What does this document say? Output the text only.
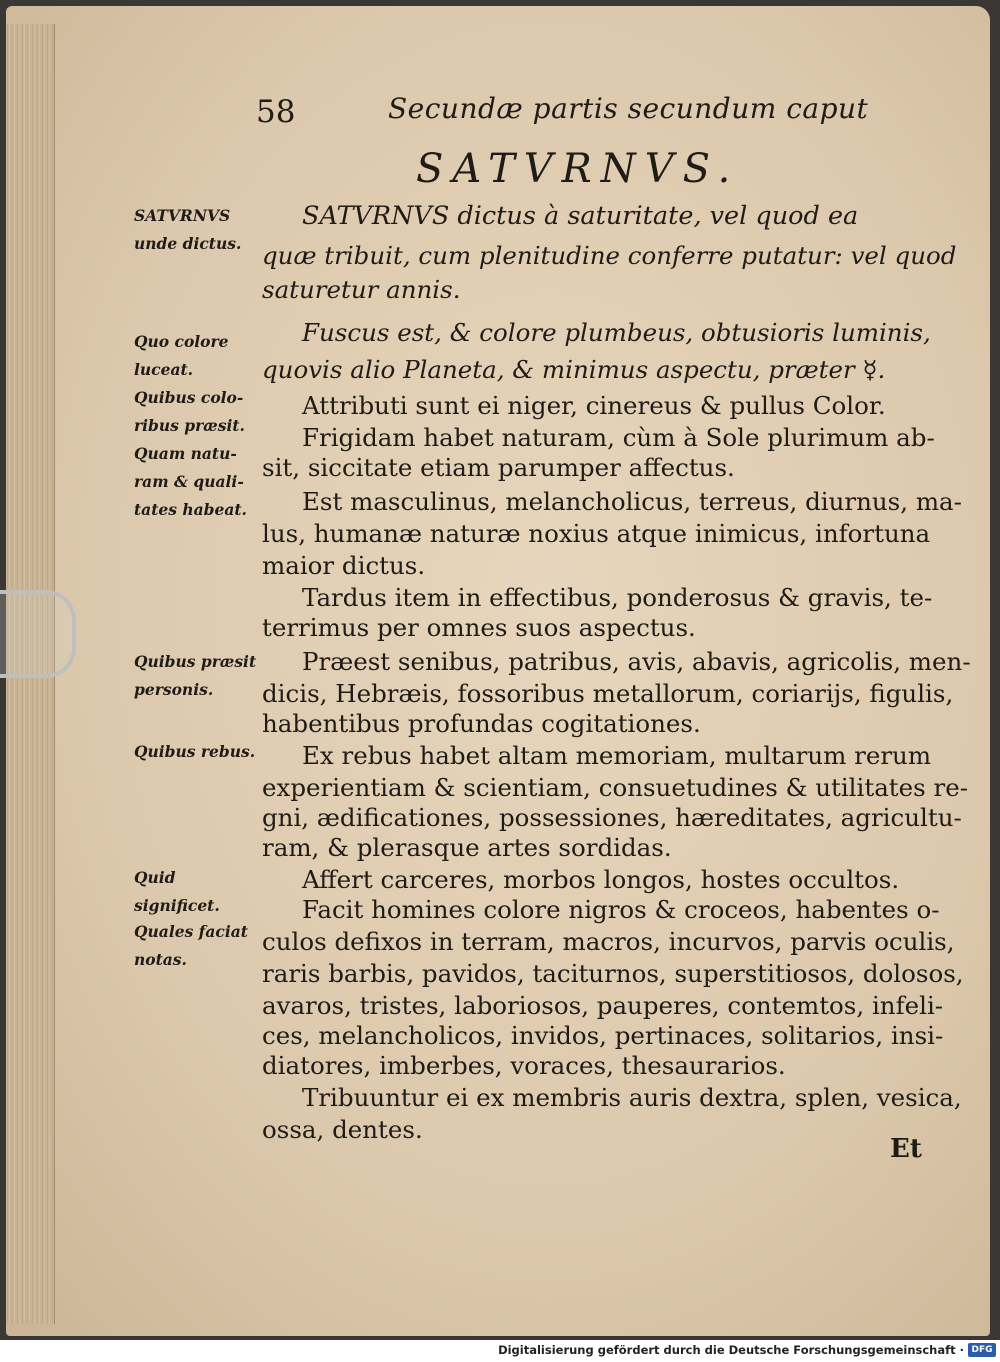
58	Secundæ partis secundum caput
SATVRNVS.
SATVRNVS
unde dictus.
Quo colore
luceat.
Quibus colo-
ribus præsit.
Quam natu-
ram & quali-
tates habeat.
Quibus præsit
personis.
Quibus rebus.
Quid significet.
Quales faciat
notas.
SATVRNVS dictus à saturitate, vel quod ea
quæ tribuit, cum plenitudine conferre putatur: vel quod
saturetur annis.
Fuscus est, & colore plumbeus, obtusioris luminis,
quovis alio Planeta, & minimus aspectu, præter ☿.
Attributi sunt ei niger, cinereus & pullus Color.
Frigidam habet naturam, cùm à Sole plurimum ab-
sit, siccitate etiam parumper affectus.
Est masculinus, melancholicus, terreus, diurnus, ma-
lus, humanæ naturæ noxius atque inimicus, infortuna
maior dictus.
Tardus item in effectibus, ponderosus & gravis, te-
terrimus per omnes suos aspectus.
Præest senibus, patribus, avis, abavis, agricolis, men-
dicis, Hebræis, fossoribus metallorum, coriarijs, figulis,
habentibus profundas cogitationes.
Ex rebus habet altam memoriam, multarum rerum
experientiam & scientiam, consuetudines & utilitates re-
gni, ædificationes, possessiones, hæreditates, agricultu-
ram, & plerasque artes sordidas.
Affert carceres, morbos longos, hostes occultos.
Facit homines colore nigros & croceos, habentes o-
culos defixos in terram, macros, incurvos, parvis oculis,
raris barbis, pavidos, taciturnos, superstitiosos, dolosos,
avaros, tristes, laboriosos, pauperes, contemtos, infeli-
ces, melancholicos, invidos, pertinaces, solitarios, insi-
diatores, imberbes, voraces, thesaurarios.
Tribuuntur ei ex membris auris dextra, splen, vesica,
ossa, dentes.
Et
Digitalisierung gefördert durch die Deutsche Forschungsgemeinschaft · DFG
